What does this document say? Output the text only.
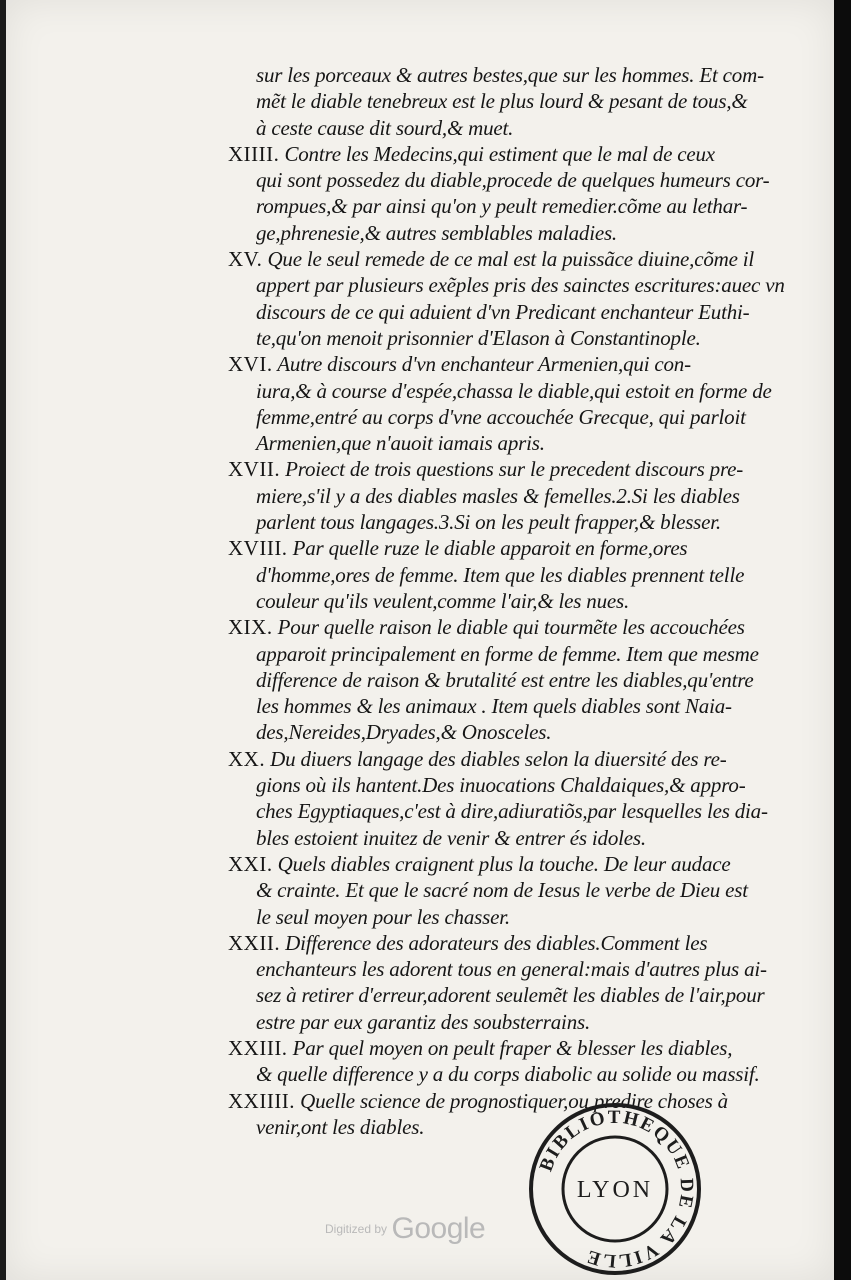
sur les porceaux & autres bestes,que sur les hommes. Et com-
mẽt le diable tenebreux est le plus lourd & pesant de tous,&
à ceste cause dit sourd,& muet.
XIIII. Contre les Medecins,qui estiment que le mal de ceux
qui sont possedez du diable,procede de quelques humeurs cor-
rompues,& par ainsi qu'on y peult remedier.cõme au lethar-
ge,phrenesie,& autres semblables maladies.
XV. Que le seul remede de ce mal est la puissãce diuine,cõme il
appert par plusieurs exẽples pris des sainctes escritures:auec vn
discours de ce qui aduient d'vn Predicant enchanteur Euthi-
te,qu'on menoit prisonnier d'Elason à Constantinople.
XVI. Autre discours d'vn enchanteur Armenien,qui con-
iura,& à course d'espée,chassa le diable,qui estoit en forme de
femme,entré au corps d'vne accouchée Grecque, qui parloit
Armenien,que n'auoit iamais apris.
XVII. Proiect de trois questions sur le precedent discours pre-
miere,s'il y a des diables masles & femelles.2.Si les diables
parlent tous langages.3.Si on les peult frapper,& blesser.
XVIII. Par quelle ruze le diable apparoit en forme,ores
d'homme,ores de femme. Item que les diables prennent telle
couleur qu'ils veulent,comme l'air,& les nues.
XIX. Pour quelle raison le diable qui tourmẽte les accouchées
apparoit principalement en forme de femme. Item que mesme
difference de raison & brutalité est entre les diables,qu'entre
les hommes & les animaux . Item quels diables sont Naia-
des,Nereides,Dryades,& Onosceles.
XX. Du diuers langage des diables selon la diuersité des re-
gions où ils hantent.Des inuocations Chaldaiques,& appro-
ches Egyptiaques,c'est à dire,adiuratiõs,par lesquelles les dia-
bles estoient inuitez de venir & entrer és idoles.
XXI. Quels diables craignent plus la touche. De leur audace
& crainte. Et que le sacré nom de Iesus le verbe de Dieu est
le seul moyen pour les chasser.
XXII. Difference des adorateurs des diables.Comment les
enchanteurs les adorent tous en general:mais d'autres plus ai-
sez à retirer d'erreur,adorent seulemẽt les diables de l'air,pour
estre par eux garantiz des soubsterrains.
XXIII. Par quel moyen on peult fraper & blesser les diables,
& quelle difference y a du corps diabolic au solide ou massif.
XXIIII. Quelle science de prognostiquer,ou predire choses à
venir,ont les diables.
Digitized by Google
BIBLIOTHEQUE DE LA VILLE
LYON
